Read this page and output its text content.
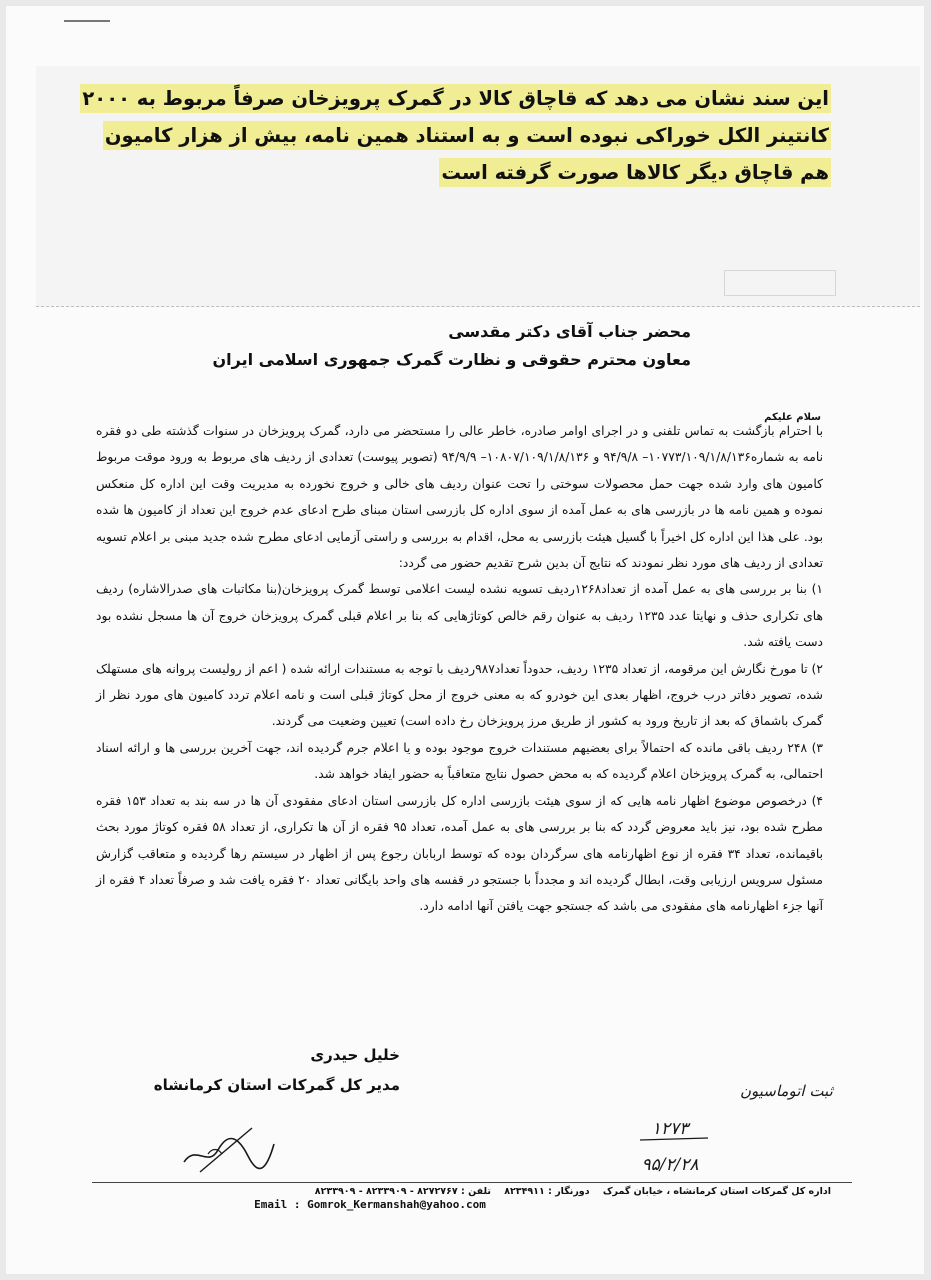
این سند نشان می دهد که قاچاق کالا در گمرک پرویزخان صرفاً مربوط به ۲۰۰۰ کانتینر الکل خوراکی نبوده است و به استناد همین نامه، بیش از هزار کامیون هم قاچاق دیگر کالاها صورت گرفته است
محضر جناب آقای دکتر مقدسی
معاون محترم حقوقی و نظارت گمرک جمهوری اسلامی ایران
سلام علیکم

با احترام بازگشت به تماس تلفنی و در اجرای اوامر صادره، خاطر عالی را مستحضر می دارد، گمرک پرویزخان در سنوات گذشته طی دو فقره نامه به شماره۱۰۷۷۳/۱۰۹/۱/۸/۱۳۶– ۹۴/۹/۸ و ۱۰۸۰۷/۱۰۹/۱/۸/۱۳۶– ۹۴/۹/۹ (تصویر پیوست) تعدادی از ردیف های مربوط به ورود موقت مربوط کامیون های وارد شده جهت حمل محصولات سوختی را تحت عنوان ردیف های خالی و خروج نخورده به مدیریت وقت این اداره کل منعکس نموده و همین نامه ها در بازرسی های به عمل آمده از سوی اداره کل بازرسی استان مبنای طرح ادعای عدم خروج این تعداد از کامیون ها شده بود. علی هذا این اداره کل اخیراً با گسیل هیئت بازرسی به محل، اقدام به بررسی و راستی آزمایی ادعای مطرح شده جدید مبنی بر اعلام تسویه تعدادی از ردیف های مورد نظر نمودند که نتایج آن بدین شرح تقدیم حضور می گردد:

۱) بنا بر بررسی های به عمل آمده از تعداد۱۲۶۸ردیف تسویه نشده لیست اعلامی توسط گمرک پرویزخان(بنا مکاتبات های صدرالاشاره) ردیف های تکراری حذف و نهایتا عدد ۱۲۳۵ ردیف به عنوان رقم خالص کوتاژهایی که بنا بر اعلام قبلی گمرک پرویزخان خروج آن ها مسجل نشده بود دست یافته شد.

۲) تا مورخ نگارش این مرقومه، از تعداد ۱۲۳۵ ردیف، حدوداً تعداد۹۸۷ردیف با توجه به مستندات ارائه شده ( اعم از رولیست پروانه های مستهلک شده، تصویر دفاتر درب خروج، اظهار بعدی این خودرو که به معنی خروج از محل کوتاژ قبلی است و نامه اعلام تردد کامیون های مورد نظر از گمرک باشماق که بعد از تاریخ ورود به کشور از طریق مرز پرویزخان رخ داده است) تعیین وضعیت می گردند.

۳) ۲۴۸ ردیف باقی مانده که احتمالاً برای بعضیهم مستندات خروج موجود بوده و یا اعلام جرم گردیده اند، جهت آخرین بررسی ها و ارائه اسناد احتمالی، به گمرک پرویزخان اعلام گردیده که به محض حصول نتایج متعاقباً به حضور ایفاد خواهد شد.

۴) درخصوص موضوع اظهار نامه هایی که از سوی هیئت بازرسی اداره کل بازرسی استان ادعای مفقودی آن ها در سه بند به تعداد ۱۵۳ فقره مطرح شده بود، نیز باید معروض گردد که بنا بر بررسی های به عمل آمده، تعداد ۹۵ فقره از آن ها تکراری، از تعداد ۵۸ فقره کوتاژ مورد بحث باقیمانده، تعداد ۳۴ فقره از نوع اظهارنامه های سرگردان بوده که توسط اربابان رجوع پس از اظهار در سیستم رها گردیده و متعاقب گزارش مسئول سرویس ارزیابی وقت، ابطال گردیده اند و مجدداً با جستجو در قفسه های واحد بایگانی تعداد ۲۰ فقره یافت شد و صرفاً تعداد ۴ فقره از آنها جزء اظهارنامه های مفقودی می باشد که جستجو جهت یافتن آنها ادامه دارد.

خلیل حیدری
مدیر کل گمرکات استان کرمانشاه	ثبت اتوماسیون
۱۲۷۳
۹۵/۲/۲۸
اداره کل گمرکات استان کرمانشاه ، خیابان گمرک    دورنگار : ۸۲۳۴۹۱۱    تلفن : ۸۲۷۲۷۶۷ - ۸۲۳۳۹۰۹ - ۸۲۳۳۹۰۹
Email : Gomrok_Kermanshah@yahoo.com
